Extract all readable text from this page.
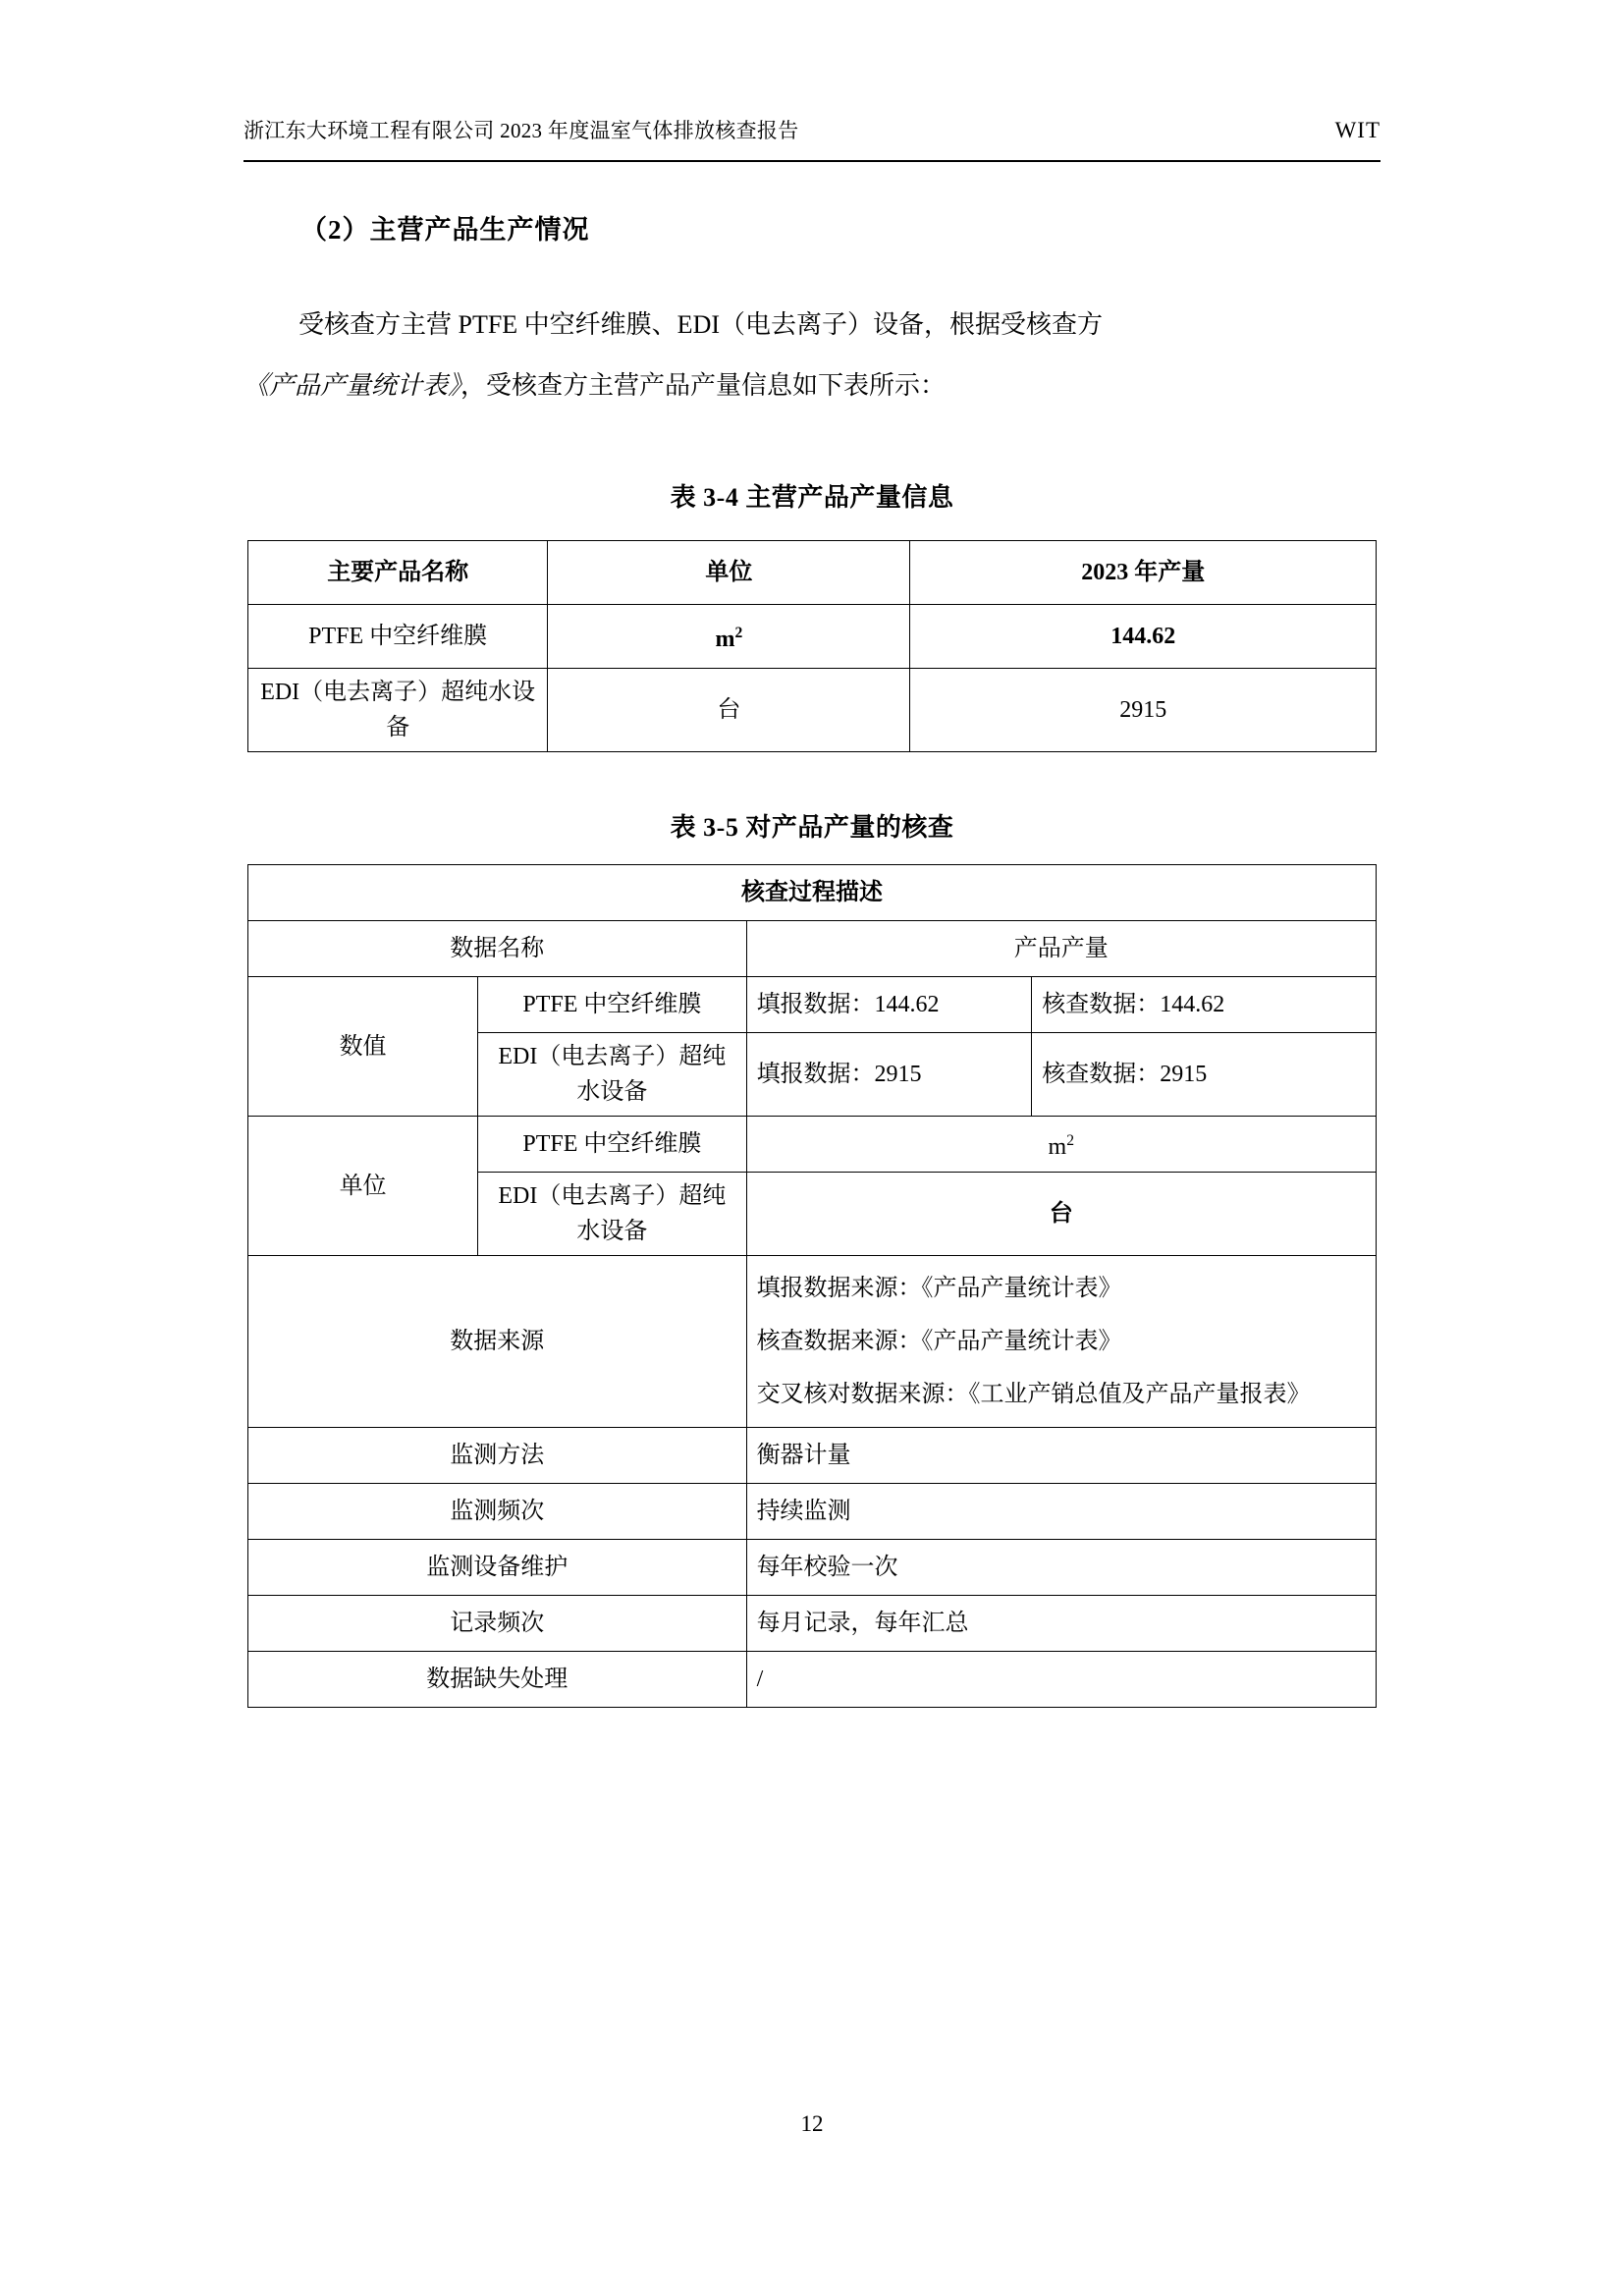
浙江东大环境工程有限公司 2023 年度温室气体排放核查报告	WIT
（2）主营产品生产情况
受核查方主营 PTFE 中空纤维膜、EDI（电去离子）设备，根据受核查方
《产品产量统计表》，受核查方主营产品产量信息如下表所示：
表 3-4 主营产品产量信息
主要产品名称	单位	2023 年产量
PTFE 中空纤维膜	$m^2$	144.62
EDI（电去离子）超纯水设备	台	2915
表 3-5 对产品产量的核查
核查过程描述			
数据名称		产品产量	
数值	PTFE 中空纤维膜	填报数据：144.62	核查数据：144.62
	EDI（电去离子）超纯水设备	填报数据：2915	核查数据：2915
单位	PTFE 中空纤维膜	$m^2$
	EDI（电去离子）超纯水设备	台	
数据来源		填报数据来源：《产品产量统计表》
核查数据来源：《产品产量统计表》
交叉核对数据来源：《工业产销总值及产品产量报表》	

监测方法		衡器计量	
监测频次		持续监测	
监测设备维护		每年校验一次	
记录频次		每月记录，每年汇总	
数据缺失处理		/	
12
